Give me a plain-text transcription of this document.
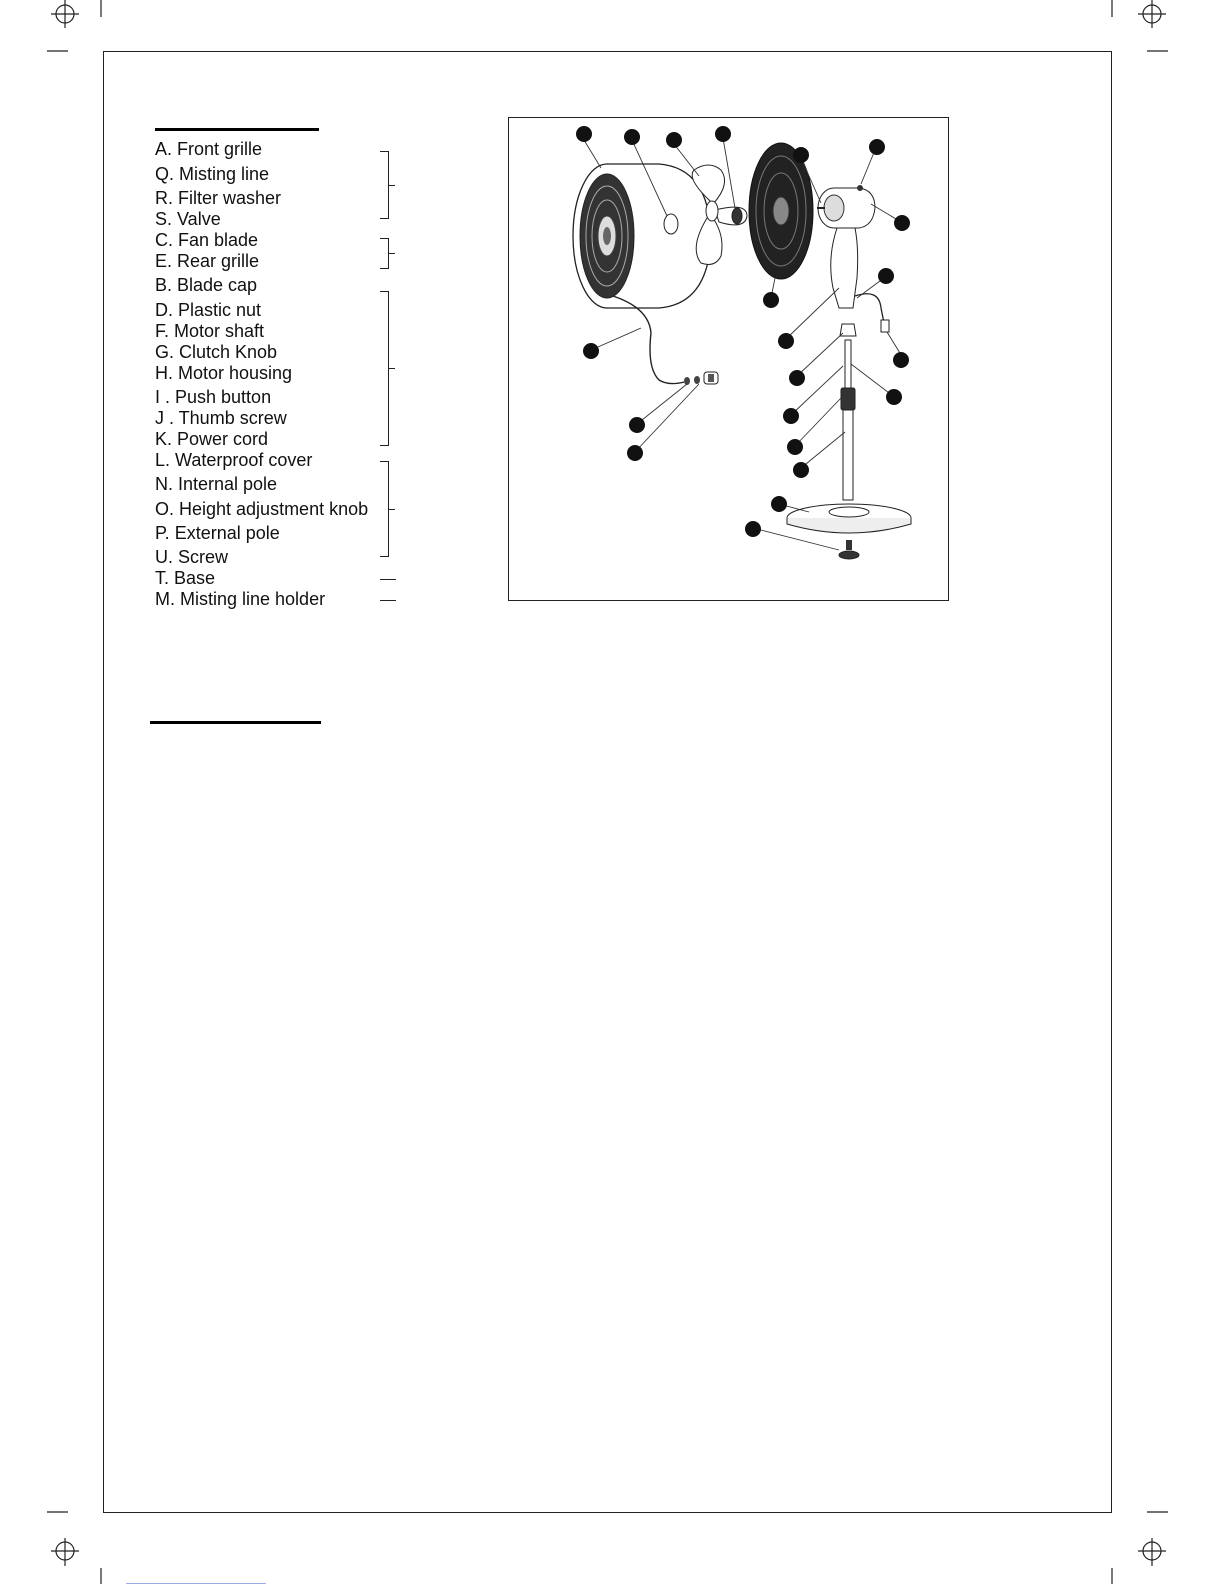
A. Front grille
Q. Misting line
R. Filter washer
S. Valve
C. Fan blade
E. Rear grille
B. Blade cap
D. Plastic nut
F. Motor shaft
G. Clutch Knob
H. Motor housing
I . Push button
J . Thumb screw
K. Power cord
L. Waterproof cover
N. Internal pole
O. Height adjustment knob
P. External pole
U. Screw
T. Base
M. Misting line holder
